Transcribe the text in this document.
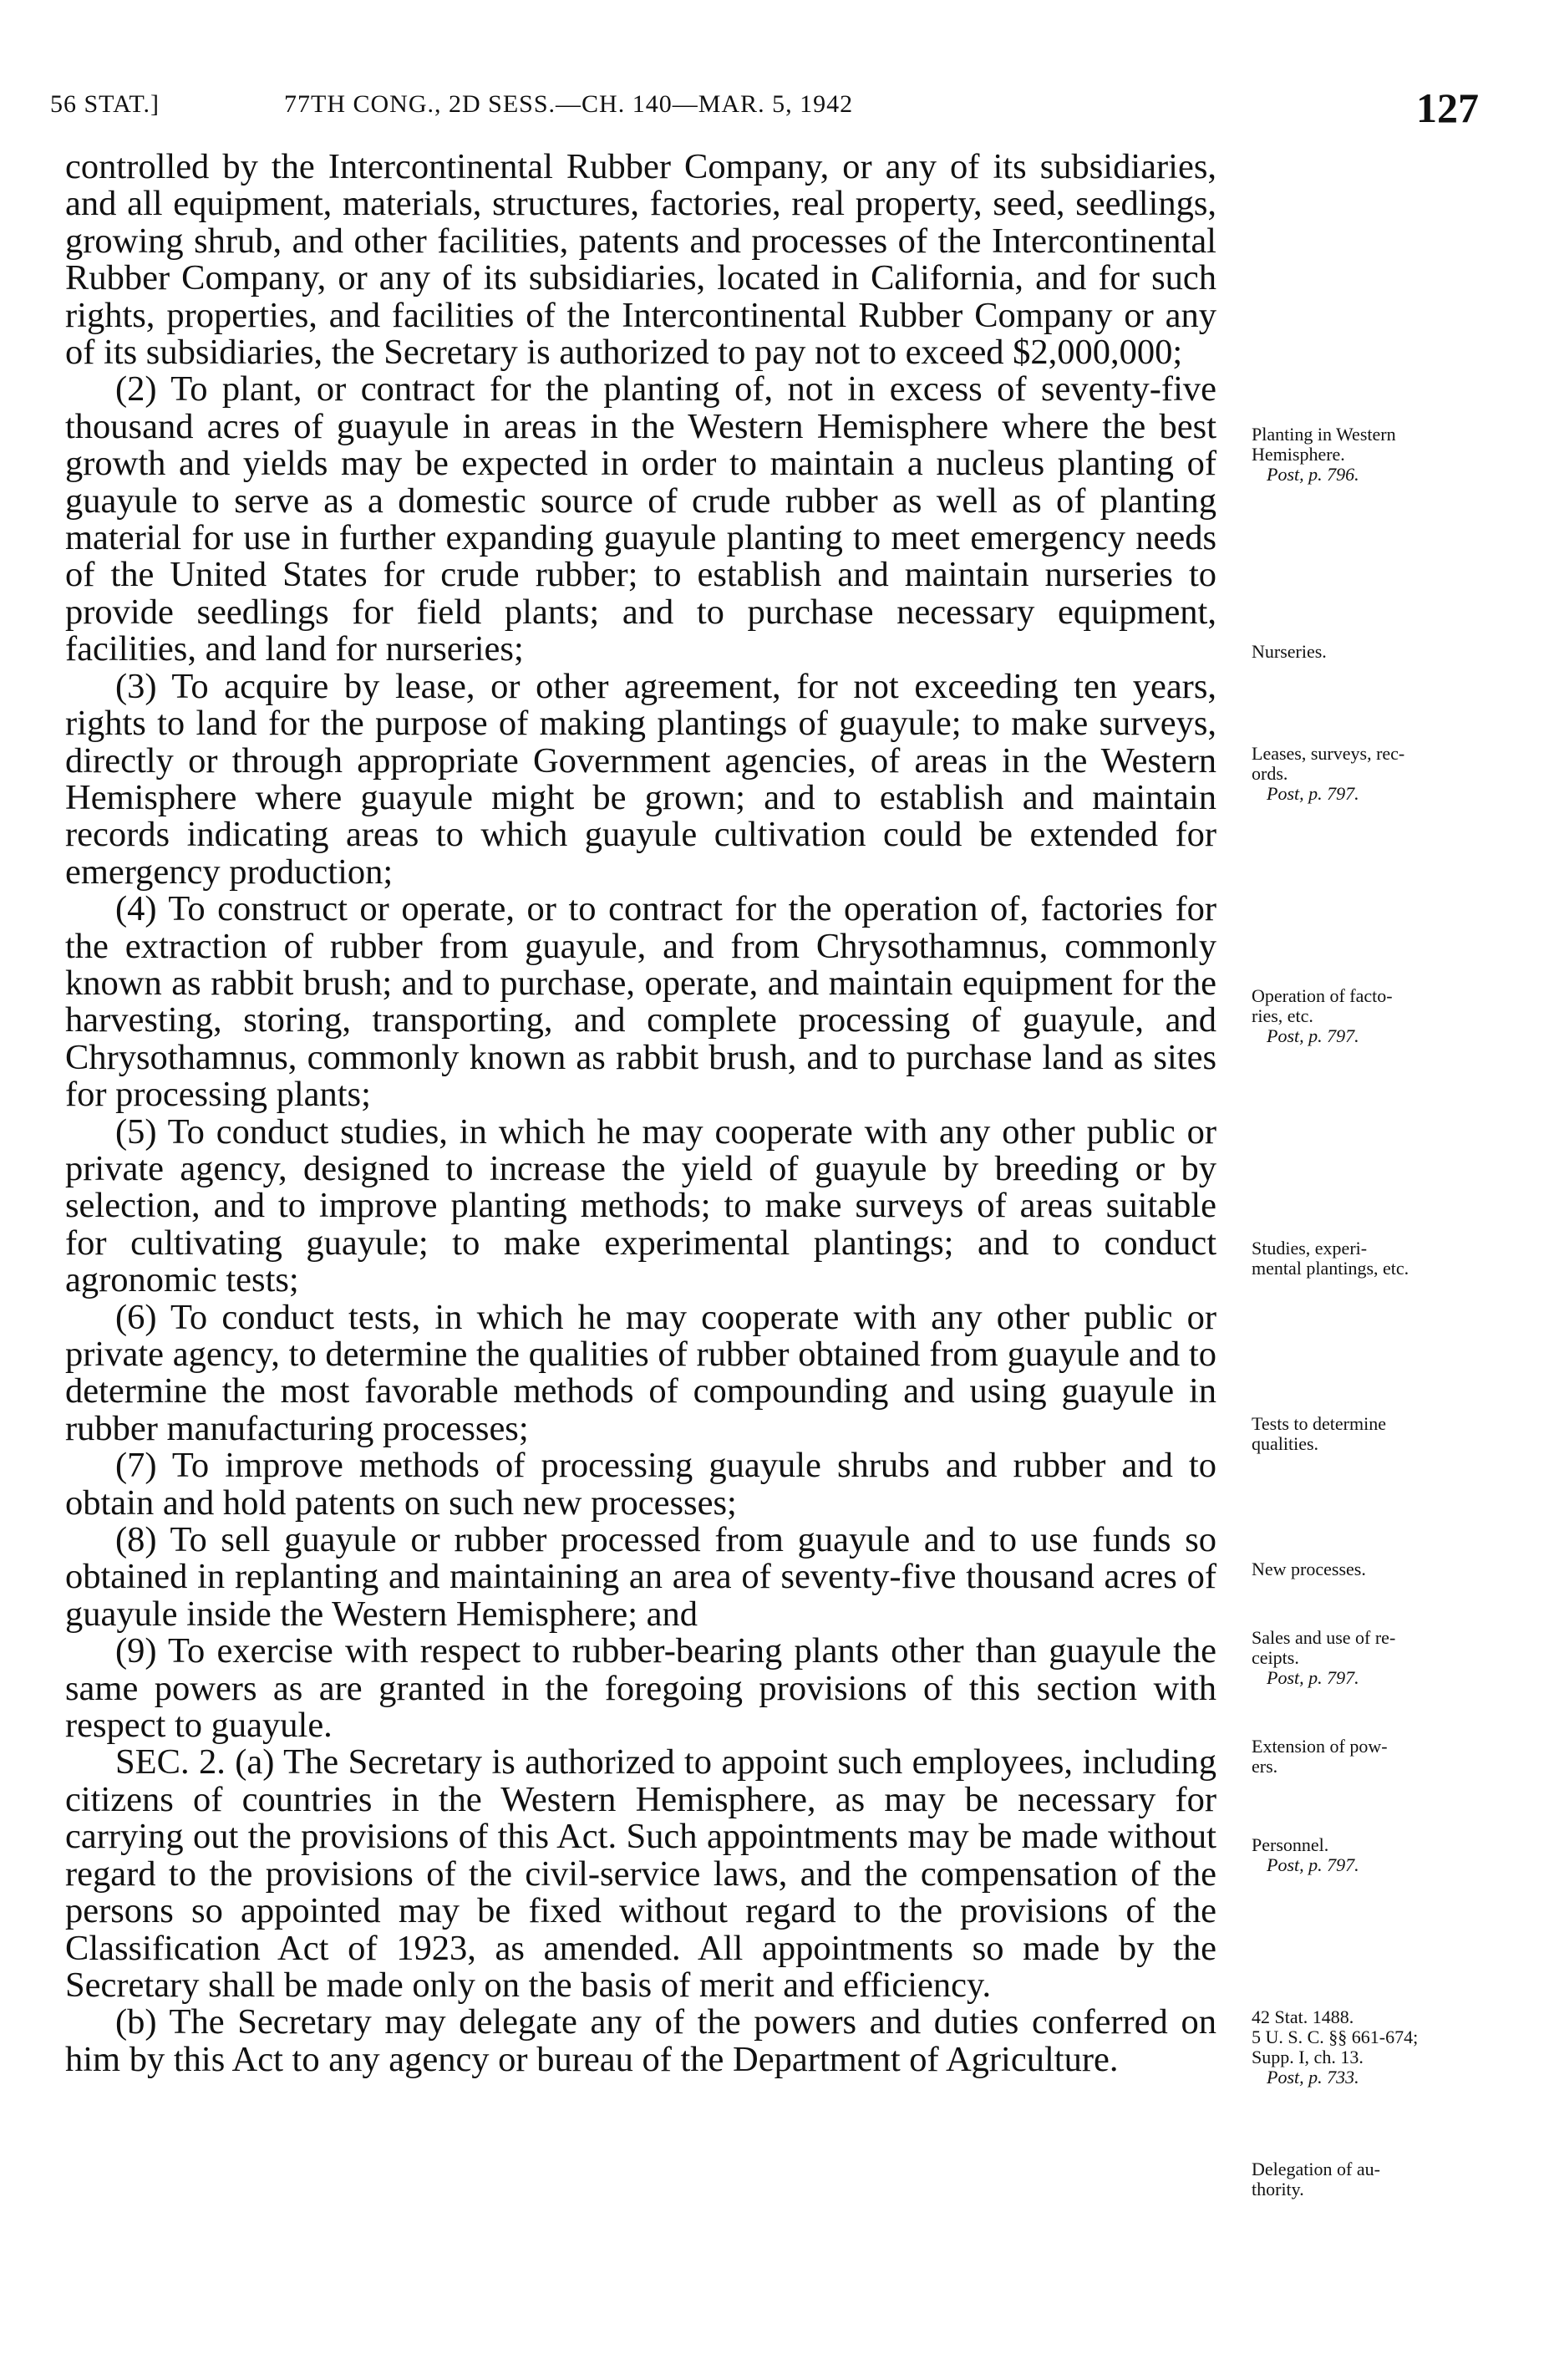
56 STAT.]	77TH CONG., 2D SESS.—CH. 140—MAR. 5, 1942	127

controlled by the Intercontinental Rubber Company, or any of its subsidiaries, and all equipment, materials, structures, factories, real property, seed, seedlings, growing shrub, and other facilities, patents and processes of the Intercontinental Rubber Company, or any of its subsidiaries, located in California, and for such rights, properties, and facilities of the Intercontinental Rubber Company or any of its subsidiaries, the Secretary is authorized to pay not to exceed $2,000,000;

(2) To plant, or contract for the planting of, not in excess of seventy-five thousand acres of guayule in areas in the Western Hemisphere where the best growth and yields may be expected in order to maintain a nucleus planting of guayule to serve as a domestic source of crude rubber as well as of planting material for use in further expanding guayule planting to meet emergency needs of the United States for crude rubber; to establish and maintain nurseries to provide seedlings for field plants; and to purchase necessary equipment, facilities, and land for nurseries;

(3) To acquire by lease, or other agreement, for not exceeding ten years, rights to land for the purpose of making plantings of guayule; to make surveys, directly or through appropriate Government agencies, of areas in the Western Hemisphere where guayule might be grown; and to establish and maintain records indicating areas to which guayule cultivation could be extended for emergency production;

(4) To construct or operate, or to contract for the operation of, factories for the extraction of rubber from guayule, and from Chrysothamnus, commonly known as rabbit brush; and to purchase, operate, and maintain equipment for the harvesting, storing, transporting, and complete processing of guayule, and Chrysothamnus, commonly known as rabbit brush, and to purchase land as sites for processing plants;

(5) To conduct studies, in which he may cooperate with any other public or private agency, designed to increase the yield of guayule by breeding or by selection, and to improve planting methods; to make surveys of areas suitable for cultivating guayule; to make experimental plantings; and to conduct agronomic tests;

(6) To conduct tests, in which he may cooperate with any other public or private agency, to determine the qualities of rubber obtained from guayule and to determine the most favorable methods of compounding and using guayule in rubber manufacturing processes;

(7) To improve methods of processing guayule shrubs and rubber and to obtain and hold patents on such new processes;

(8) To sell guayule or rubber processed from guayule and to use funds so obtained in replanting and maintaining an area of seventy-five thousand acres of guayule inside the Western Hemisphere; and

(9) To exercise with respect to rubber-bearing plants other than guayule the same powers as are granted in the foregoing provisions of this section with respect to guayule.

SEC. 2. (a) The Secretary is authorized to appoint such employees, including citizens of countries in the Western Hemisphere, as may be necessary for carrying out the provisions of this Act. Such appointments may be made without regard to the provisions of the civil-service laws, and the compensation of the persons so appointed may be fixed without regard to the provisions of the Classification Act of 1923, as amended. All appointments so made by the Secretary shall be made only on the basis of merit and efficiency.

(b) The Secretary may delegate any of the powers and duties conferred on him by this Act to any agency or bureau of the Department of Agriculture.

Planting in Western
Hemisphere.
Post, p. 796.
Nurseries.
Leases, surveys, rec-
ords.
Post, p. 797.
Operation of facto-
ries, etc.
Post, p. 797.
Studies, experi-
mental plantings, etc.
Tests to determine
qualities.
New processes.
Sales and use of re-
ceipts.
Post, p. 797.
Extension of pow-
ers.
Personnel.
Post, p. 797.
42 Stat. 1488.
5 U. S. C. §§ 661-674;
Supp. I, ch. 13.
Post, p. 733.
Delegation of au-
thority.
